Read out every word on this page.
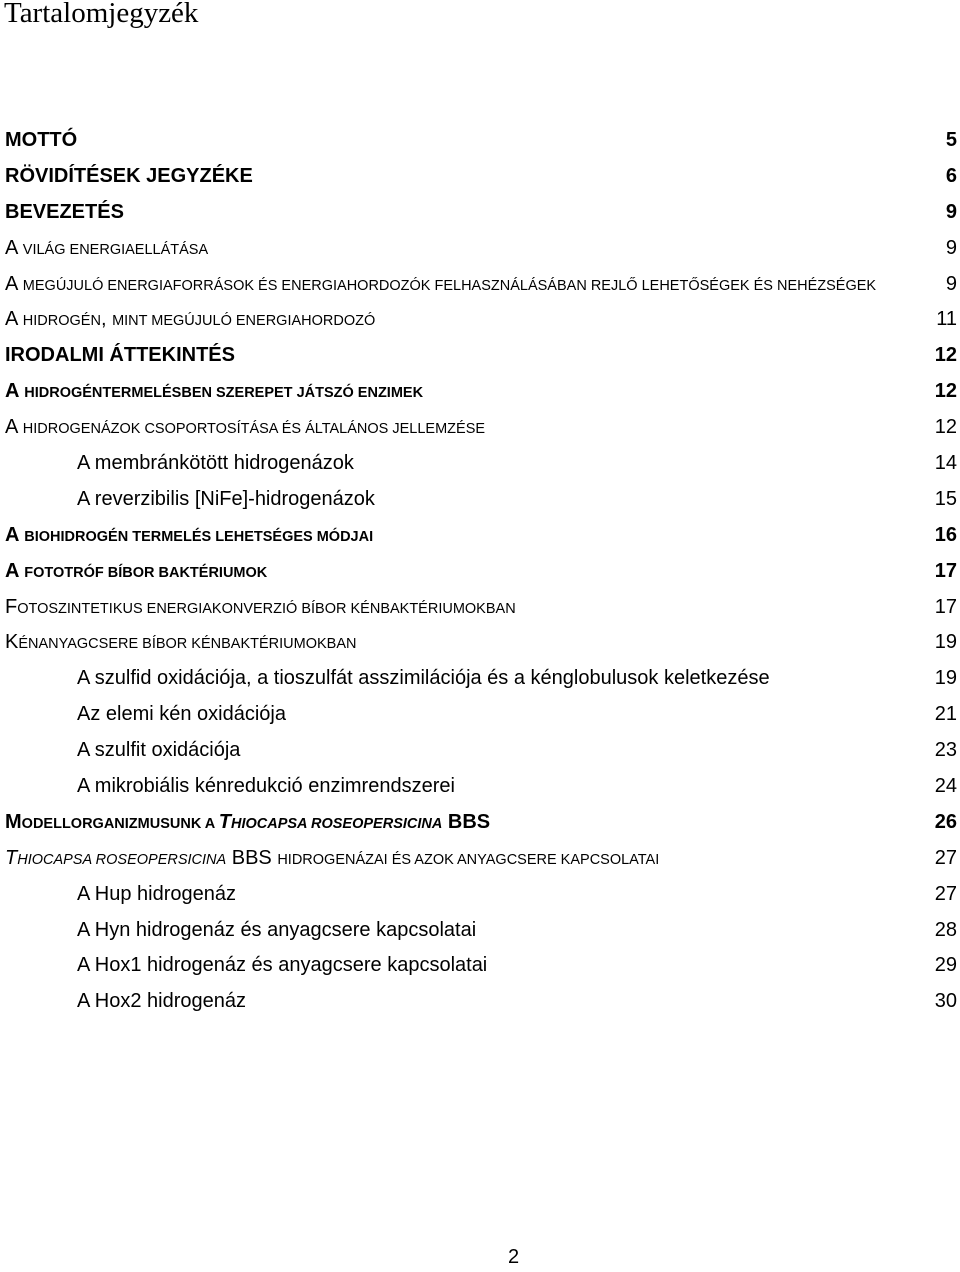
Tartalomjegyzék
MOTTÓ	5
RÖVIDÍTÉSEK JEGYZÉKE	6
BEVEZETÉS	9
A VILÁG ENERGIAELLÁTÁSA	9
A MEGÚJULÓ ENERGIAFORRÁSOK ÉS ENERGIAHORDOZÓK FELHASZNÁLÁSÁBAN REJLŐ LEHETŐSÉGEK ÉS NEHÉZSÉGEK	9
A HIDROGÉN, MINT MEGÚJULÓ ENERGIAHORDOZÓ	11
IRODALMI ÁTTEKINTÉS	12
A HIDROGÉNTERMELÉSBEN SZEREPET JÁTSZÓ ENZIMEK	12
A HIDROGENÁZOK CSOPORTOSÍTÁSA ÉS ÁLTALÁNOS JELLEMZÉSE	12
A membránkötött hidrogenázok	14
A reverzibilis [NiFe]-hidrogenázok	15
A BIOHIDROGÉN TERMELÉS LEHETSÉGES MÓDJAI	16
A FOTOTRÓF BÍBOR BAKTÉRIUMOK	17
FOTOSZINTETIKUS ENERGIAKONVERZIÓ BÍBOR KÉNBAKTÉRIUMOKBAN	17
KÉNANYAGCSERE BÍBOR KÉNBAKTÉRIUMOKBAN	19
A szulfid oxidációja, a tioszulfát asszimilációja és a kénglobulusok keletkezése	19
Az elemi kén oxidációja	21
A szulfit oxidációja	23
A mikrobiális kénredukció enzimrendszerei	24
MODELLORGANIZMUSUNK A THIOCAPSA ROSEOPERSICINA BBS	26
THIOCAPSA ROSEOPERSICINA BBS HIDROGENÁZAI ÉS AZOK ANYAGCSERE KAPCSOLATAI	27
A Hup hidrogenáz	27
A Hyn hidrogenáz és anyagcsere kapcsolatai	28
A Hox1 hidrogenáz és anyagcsere kapcsolatai	29
A Hox2 hidrogenáz	30
2
